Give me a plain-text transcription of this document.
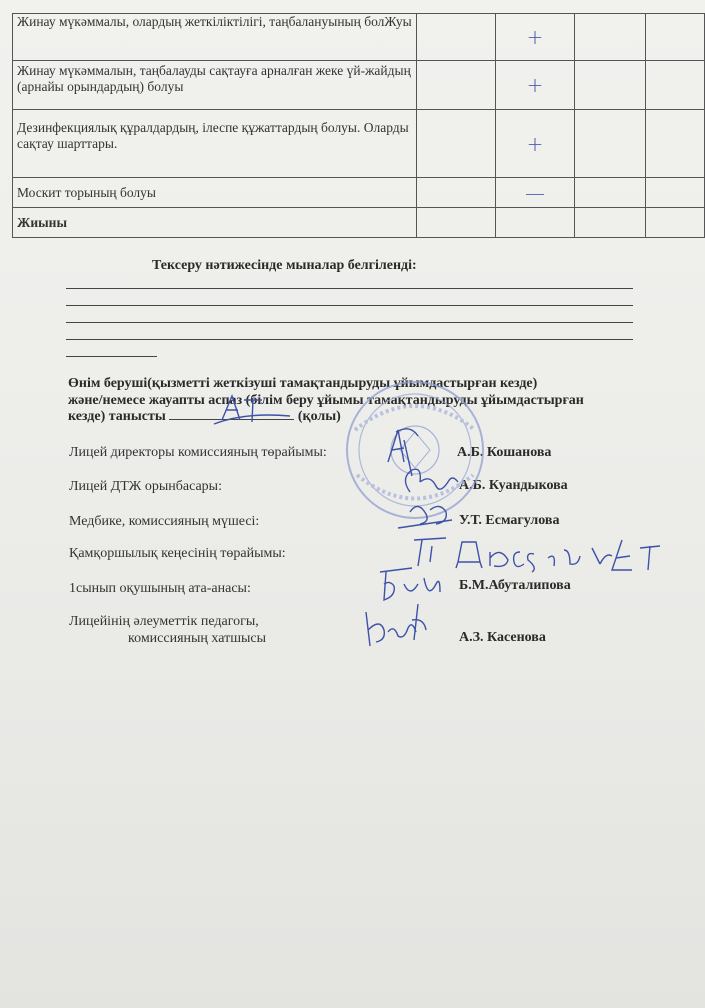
Жинау мүкәммалы, олардың жеткіліктілігі, таңбалануының болЖуы		+		
Жинау мүкәммалын, таңбалауды сақтауға арналған жеке үй-жайдың (арнайы орындардың) болуы		+		
Дезинфекциялық құралдардың, ілеспе құжаттардың болуы. Оларды сақтау шарттары.		+		
Москит торының болуы		—		
Жиыны				
Тексеру нәтижесінде мыналар белгіленді:
Өнім беруші(қызметті жеткізуші тамақтандыруды ұйымдастырған кезде)
және/немесе жауапты аспаз (білім беру ұйымы тамақтандыруды ұйымдастырған
кезде) танысты	(қолы)
Лицей директоры комиссияның төрайымы:	А.Б. Кошанова
Лицей ДТЖ орынбасары:	А.Б. Куандыкова
Медбике, комиссияның мүшесі:	У.Т. Есмагулова
Қамқоршылық кеңесінің төрайымы:
1сынып оқушының ата-анасы:	Б.М.Абуталипова
Лицейінің әлеуметтік педагогы,
комиссияның хатшысы	А.З. Касенова
